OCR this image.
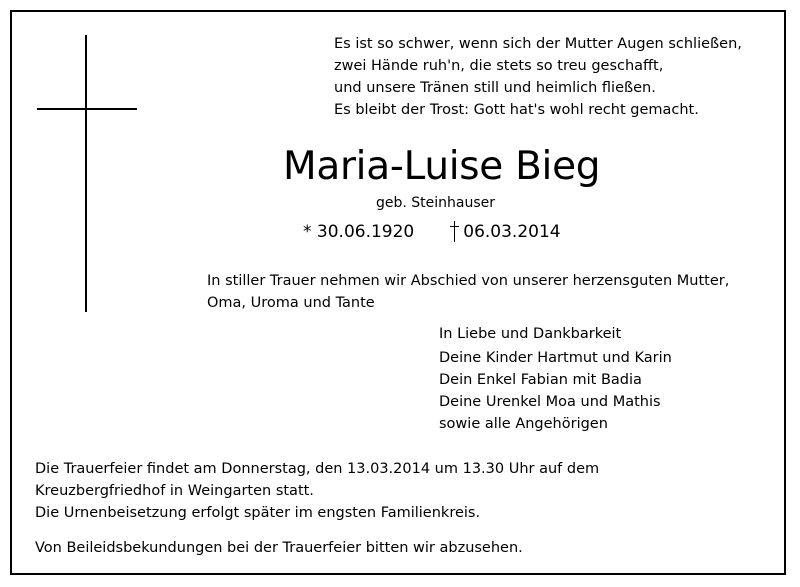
Es ist so schwer, wenn sich der Mutter Augen schließen,
zwei Hände ruh'n, die stets so treu geschafft,
und unsere Tränen still und heimlich fließen.
Es bleibt der Trost: Gott hat's wohl recht gemacht.
Maria-Luise Bieg
geb. Steinhauser
* 30.06.1920	06.03.2014
In stiller Trauer nehmen wir Abschied von unserer herzensguten Mutter,
Oma, Uroma und Tante
In Liebe und Dankbarkeit
Deine Kinder Hartmut und Karin
Dein Enkel Fabian mit Badia
Deine Urenkel Moa und Mathis
sowie alle Angehörigen
Die Trauerfeier findet am Donnerstag, den 13.03.2014 um 13.30 Uhr auf dem
Kreuzbergfriedhof in Weingarten statt.
Die Urnenbeisetzung erfolgt später im engsten Familienkreis.
Von Beileidsbekundungen bei der Trauerfeier bitten wir abzusehen.
